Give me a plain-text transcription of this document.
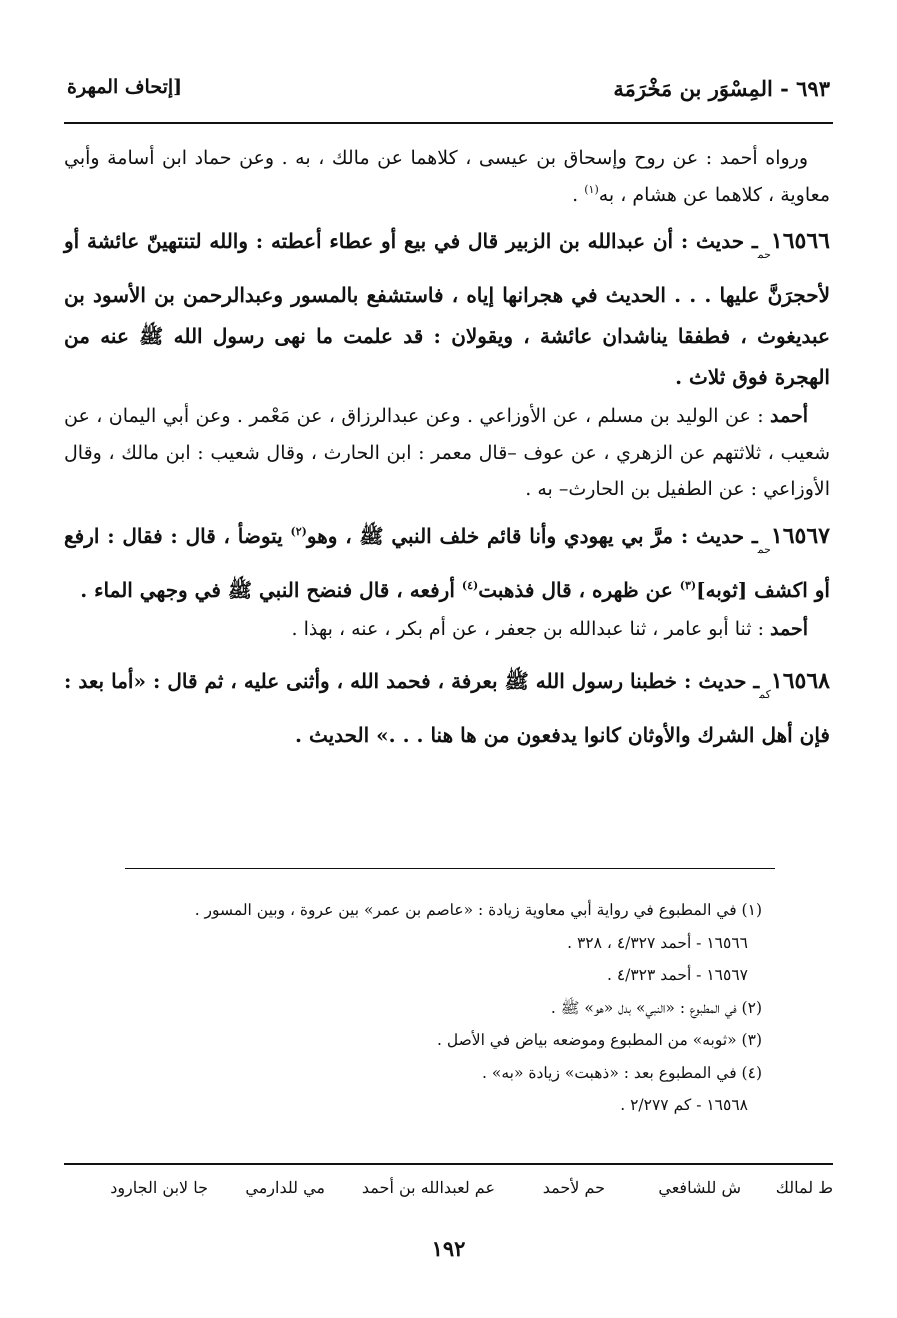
٦٩٣ - المِسْوَر بن مَخْرَمَة
[إتحاف المهرة

ورواه أحمد : عن روح وإسحاق بن عيسى ، كلاهما عن مالك ، به . وعن حماد ابن أسامة وأبي معاوية ، كلاهما عن هشام ، به$^{(١)}$ .

$١٦٥٦٦_{حم}ـ$ حديث : أن عبدالله بن الزبير قال في بيع أو عطاء أعطته : والله لتنتهينّ عائشة أو لأحجرَنَّ عليها . . . الحديث في هجرانها إياه ، فاستشفع بالمسور وعبدالرحمن بن الأسود بن عبديغوث ، فطفقا يناشدان عائشة ، ويقولان : قد علمت ما نهى رسول الله ﷺ عنه من الهجرة فوق ثلاث .

أحمد : عن الوليد بن مسلم ، عن الأوزاعي . وعن عبدالرزاق ، عن مَعْمر . وعن أبي اليمان ، عن شعيب ، ثلاثتهم عن الزهري ، عن عوف –قال معمر : ابن الحارث ، وقال شعيب : ابن مالك ، وقال الأوزاعي : عن الطفيل بن الحارث– به .

$١٦٥٦٧_{حم}ـ$ حديث : مرَّ بي يهودي وأنا قائم خلف النبي ﷺ ، وهو$^{(٢)}$ يتوضأ ، قال : فقال : ارفع أو اكشف [ثوبه]$^{(٣)}$ عن ظهره ، قال فذهبت$^{(٤)}$ أرفعه ، قال فنضح النبي ﷺ في وجهي الماء .

أحمد : ثنا أبو عامر ، ثنا عبدالله بن جعفر ، عن أم بكر ، عنه ، بهذا .

$١٦٥٦٨_{كم}ـ$ حديث : خطبنا رسول الله ﷺ بعرفة ، فحمد الله ، وأثنى عليه ، ثم قال : «أما بعد : فإن أهل الشرك والأوثان كانوا يدفعون من ها هنا . . .» الحديث .

(١) في المطبوع في رواية أبي معاوية زيادة : «عاصم بن عمر» بين عروة ، وبين المسور .
١٦٥٦٦ - أحمد ٤/٣٢٧ ، ٣٢٨ .
١٦٥٦٧ - أحمد ٤/٣٢٣ .
(٢) في المطبوع : «النبي» بدل «هو» ﷺ .
(٣) «ثوبه» من المطبوع وموضعه بياض في الأصل .
(٤) في المطبوع بعد : «ذهبت» زيادة «به» .
١٦٥٦٨ - كم ٢/٢٧٧ .
ط لمالك
ش للشافعي
حم لأحمد
عم لعبدالله بن أحمد
مي للدارمي
جا لابن الجارود
١٩٢
